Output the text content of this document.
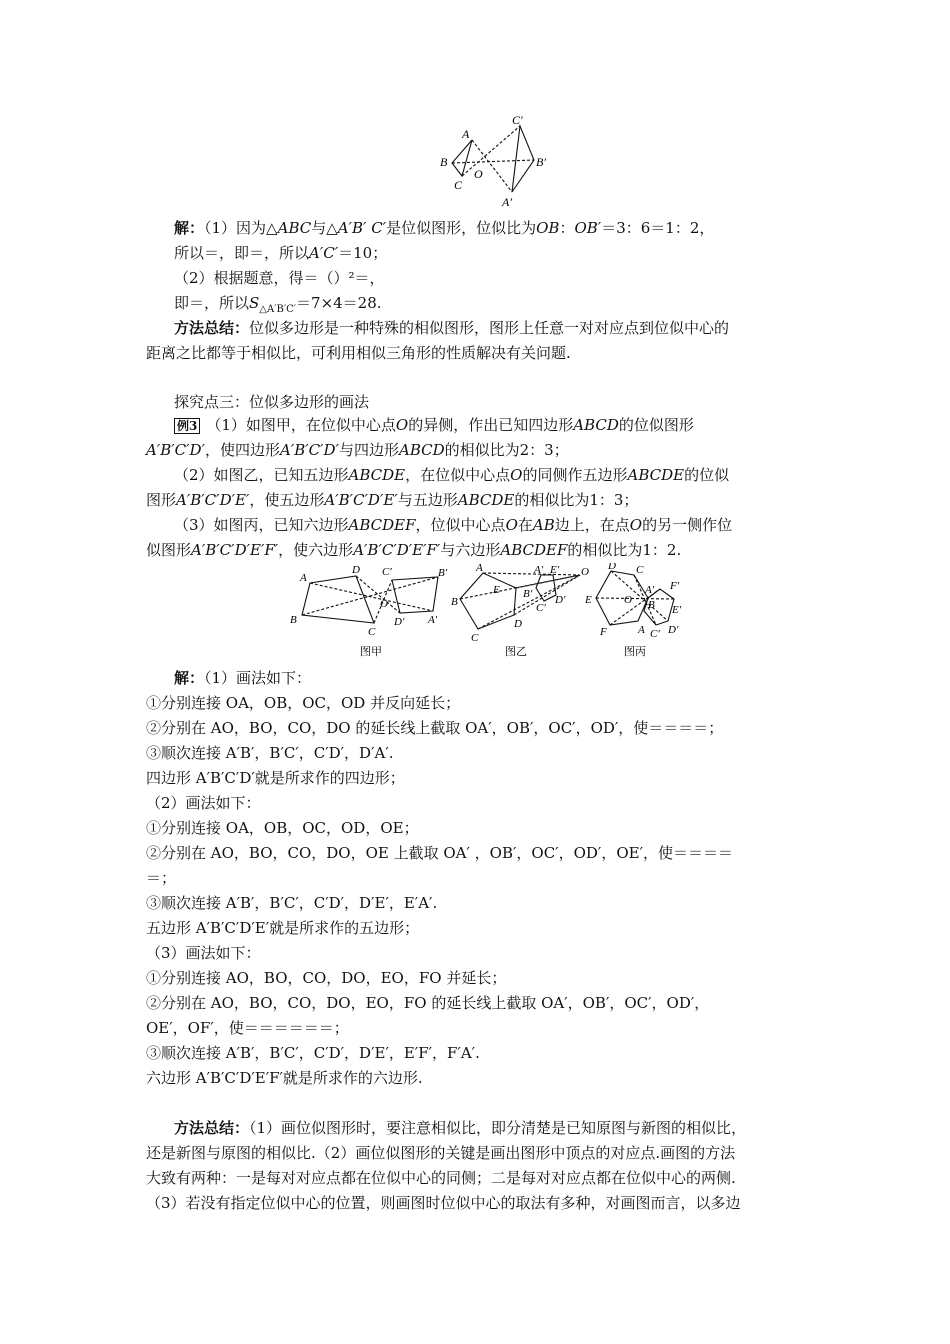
A
B
C
O
C′
B′
A′
解：（1）因为△ABC与△A′B′ C′是位似图形，位似比为OB：OB′＝3：6＝1：2，
所以＝，即＝，所以A′C′＝10；
（2）根据题意，得＝（）²＝，
即＝，所以$S_{\triangle A'B'C'}=7\times 4=28$.
方法总结：位似多边形是一种特殊的相似图形，图形上任意一对对应点到位似中心的
距离之比都等于相似比，可利用相似三角形的性质解决有关问题.
探究点三：位似多边形的画法
例3 （1）如图甲，在位似中心点O的异侧，作出已知四边形ABCD的位似图形
A′B′C′D′，使四边形A′B′C′D′与四边形ABCD的相似比为2：3；
（2）如图乙，已知五边形ABCDE，在位似中心点O的同侧作五边形ABCDE的位似
图形A′B′C′D′E′，使五边形A′B′C′D′E′与五边形ABCDE的相似比为1：3；
（3）如图丙，已知六边形ABCDEF，位似中心点O在AB边上，在点O的另一侧作位
似图形A′B′C′D′E′F′，使六边形A′B′C′D′E′F′与六边形ABCDEF的相似比为1：2.
A
D
B
C
O
C′	B′
D′ A′
A
B
C
D
E
A′ E′ O
B′
C′
D′
D C
E	O
F	A
A′ F′
B E′
C′ D′
图甲	图乙	图丙
解：（1）画法如下：
①分别连接 OA，OB，OC，OD 并反向延长；
②分别在 AO，BO，CO，DO 的延长线上截取 OA′，OB′，OC′，OD′，使＝＝＝＝；
③顺次连接 A′B′，B′C′，C′D′，D′A′.
四边形 A′B′C′D′就是所求作的四边形；
（2）画法如下：
①分别连接 OA，OB，OC，OD，OE；
②分别在 AO，BO，CO，DO，OE 上截取 OA′ ，OB′，OC′，OD′，OE′，使＝＝＝＝
＝；
③顺次连接 A′B′，B′C′，C′D′，D′E′，E′A′.
五边形 A′B′C′D′E′就是所求作的五边形；
（3）画法如下：
①分别连接 AO，BO，CO，DO，EO，FO 并延长；
②分别在 AO，BO，CO，DO，EO，FO 的延长线上截取 OA′，OB′，OC′，OD′，
OE′，OF′，使＝＝＝＝＝＝；
③顺次连接 A′B′，B′C′，C′D′，D′E′，E′F′，F′A′.
六边形 A′B′C′D′E′F′就是所求作的六边形.
方法总结：（1）画位似图形时，要注意相似比，即分清楚是已知原图与新图的相似比，
还是新图与原图的相似比.（2）画位似图形的关键是画出图形中顶点的对应点.画图的方法
大致有两种：一是每对对应点都在位似中心的同侧；二是每对对应点都在位似中心的两侧.
（3）若没有指定位似中心的位置，则画图时位似中心的取法有多种，对画图而言，以多边
